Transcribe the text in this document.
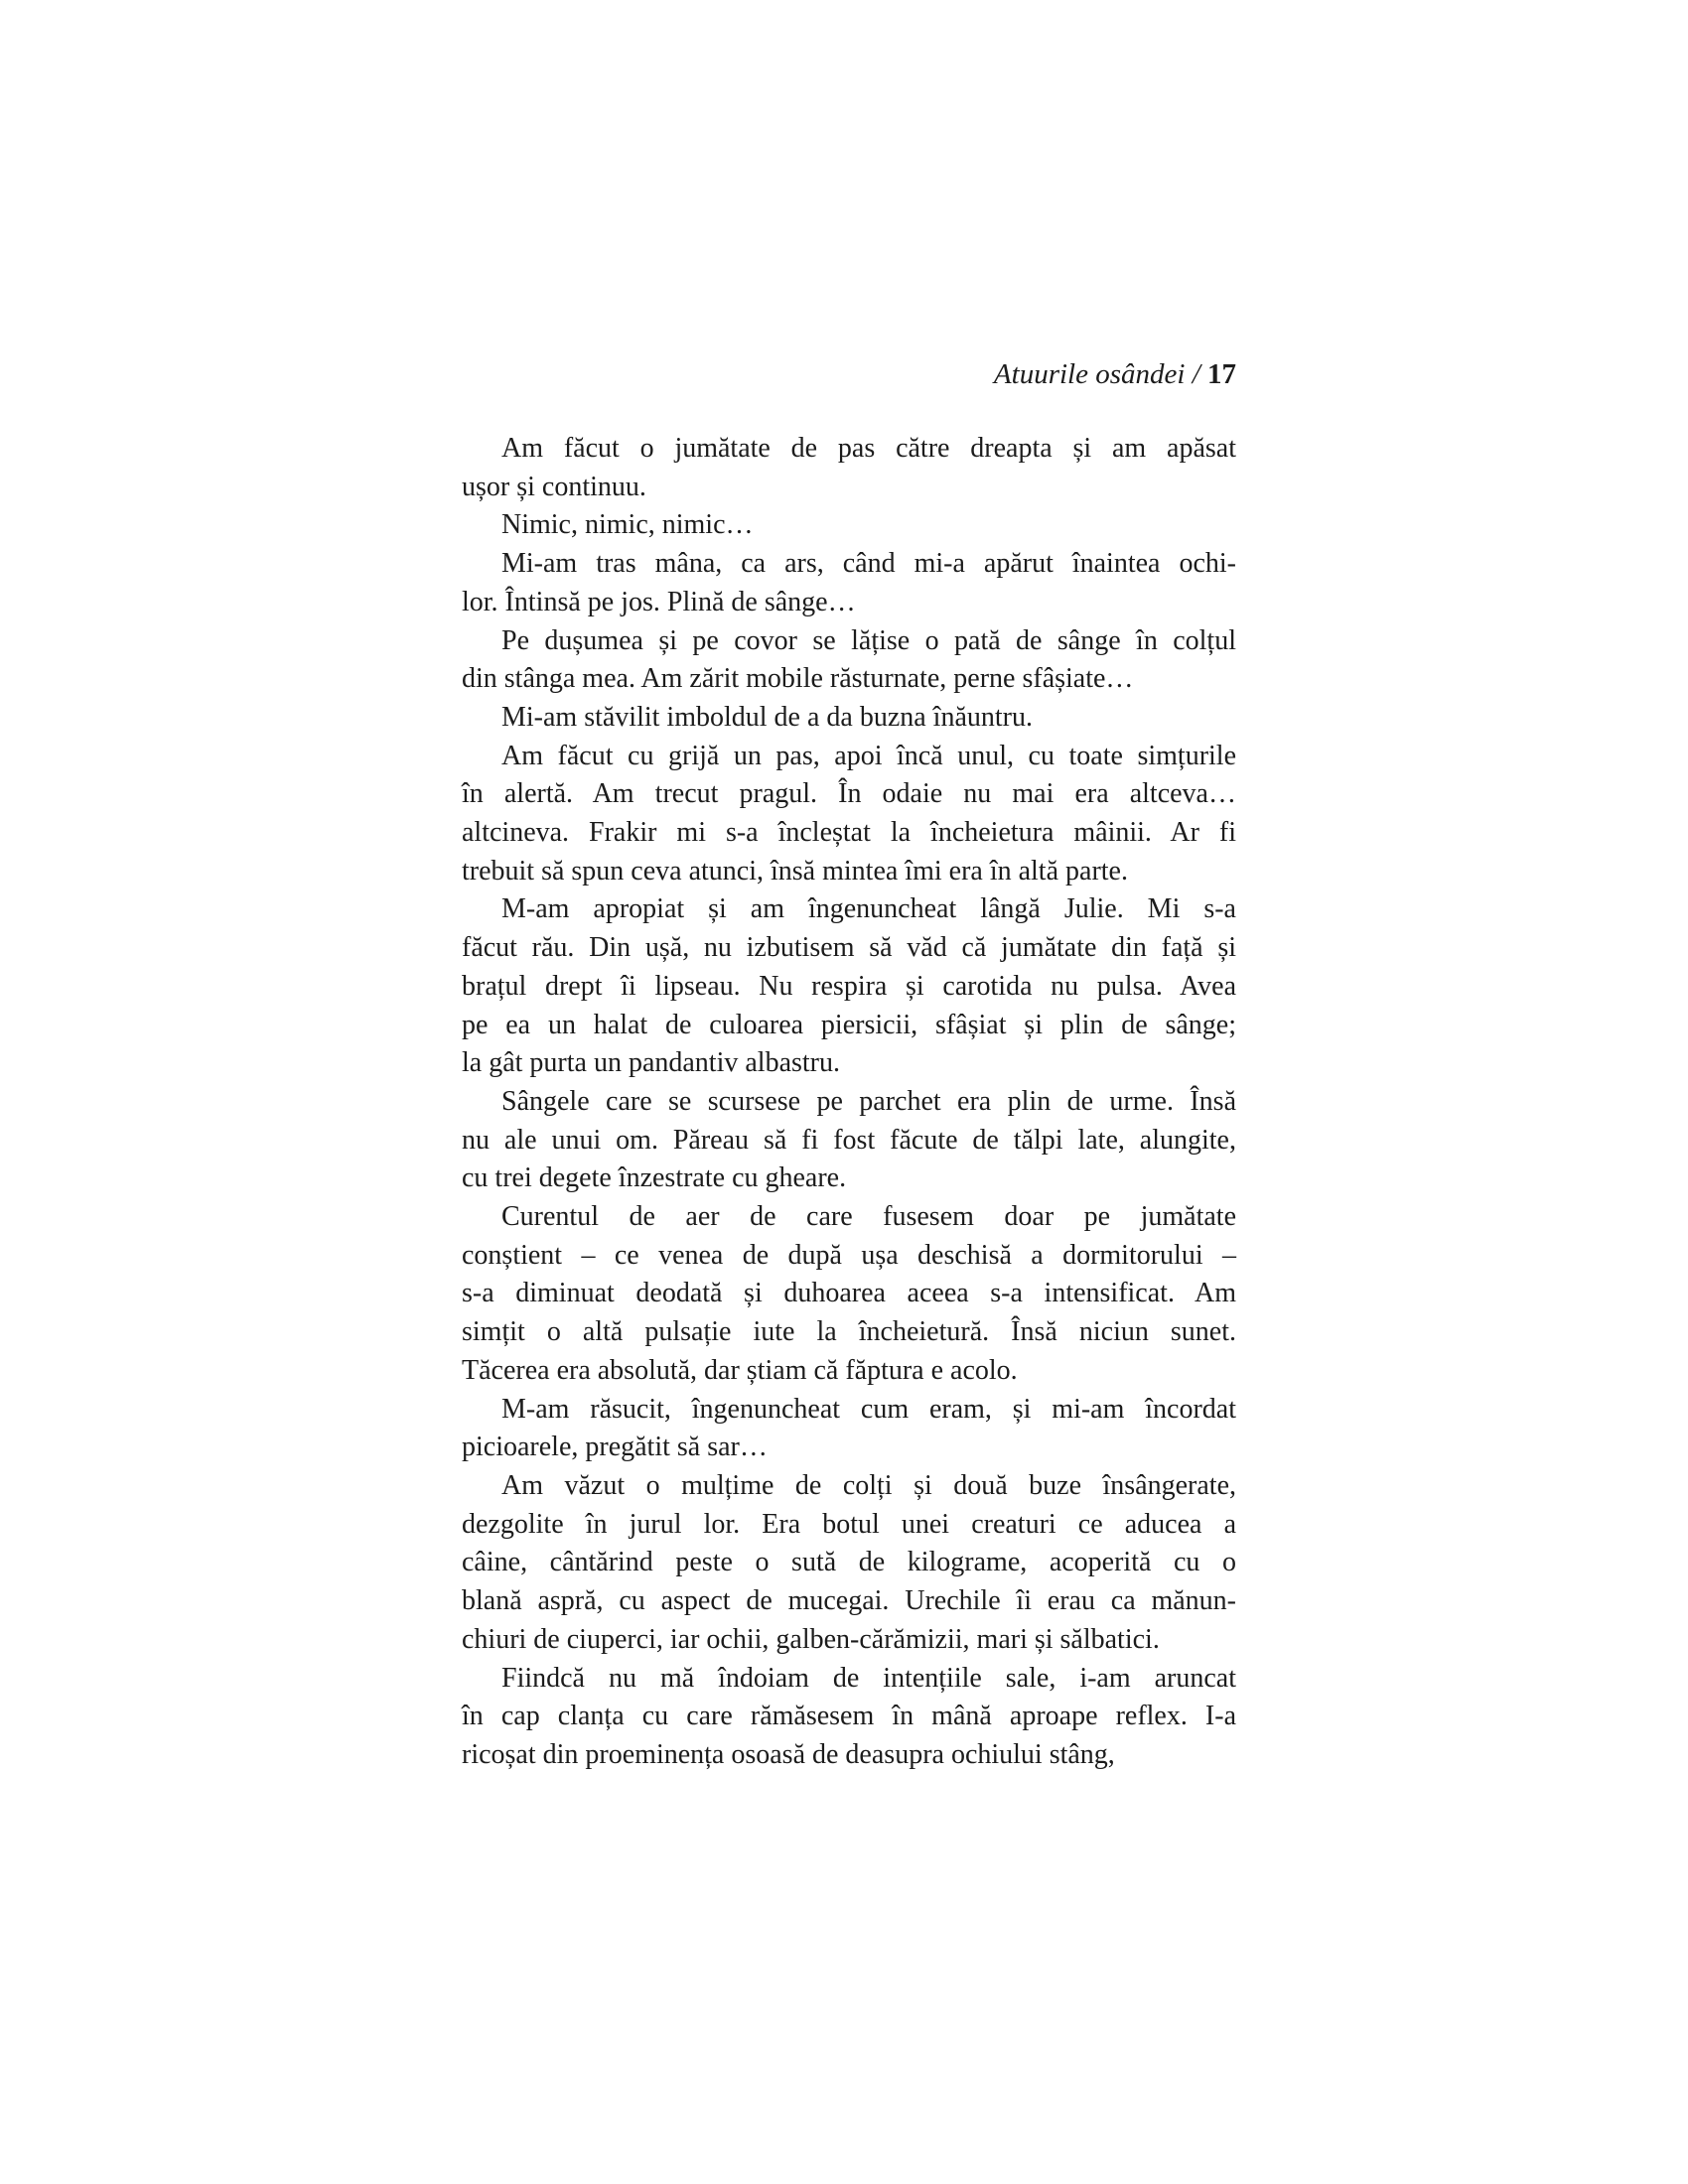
Atuurile osândei / 17
Am făcut o jumătate de pas către dreapta și am apăsat
ușor și continuu.
Nimic, nimic, nimic…
Mi-am tras mâna, ca ars, când mi-a apărut înaintea ochi-
lor. Întinsă pe jos. Plină de sânge…
Pe dușumea și pe covor se lățise o pată de sânge în colțul
din stânga mea. Am zărit mobile răsturnate, perne sfâșiate…
Mi-am stăvilit imboldul de a da buzna înăuntru.
Am făcut cu grijă un pas, apoi încă unul, cu toate simțurile
în alertă. Am trecut pragul. În odaie nu mai era altceva…
altcineva. Frakir mi s-a încleștat la încheietura mâinii. Ar fi
trebuit să spun ceva atunci, însă mintea îmi era în altă parte.
M-am apropiat și am îngenuncheat lângă Julie. Mi s-a
făcut rău. Din ușă, nu izbutisem să văd că jumătate din față și
brațul drept îi lipseau. Nu respira și carotida nu pulsa. Avea
pe ea un halat de culoarea piersicii, sfâșiat și plin de sânge;
la gât purta un pandantiv albastru.
Sângele care se scursese pe parchet era plin de urme. Însă
nu ale unui om. Păreau să fi fost făcute de tălpi late, alungite,
cu trei degete înzestrate cu gheare.
Curentul de aer de care fusesem doar pe jumătate
conștient – ce venea de după ușa deschisă a dormitorului –
s-a diminuat deodată și duhoarea aceea s-a intensificat. Am
simțit o altă pulsație iute la încheietură. Însă niciun sunet.
Tăcerea era absolută, dar știam că făptura e acolo.
M-am răsucit, îngenuncheat cum eram, și mi-am încordat
picioarele, pregătit să sar…
Am văzut o mulțime de colți și două buze însângerate,
dezgolite în jurul lor. Era botul unei creaturi ce aducea a
câine, cântărind peste o sută de kilograme, acoperită cu o
blană aspră, cu aspect de mucegai. Urechile îi erau ca mănun-
chiuri de ciuperci, iar ochii, galben-cărămizii, mari și sălbatici.
Fiindcă nu mă îndoiam de intențiile sale, i-am aruncat
în cap clanța cu care rămăsesem în mână aproape reflex. I-a
ricoșat din proeminența osoasă de deasupra ochiului stâng,
